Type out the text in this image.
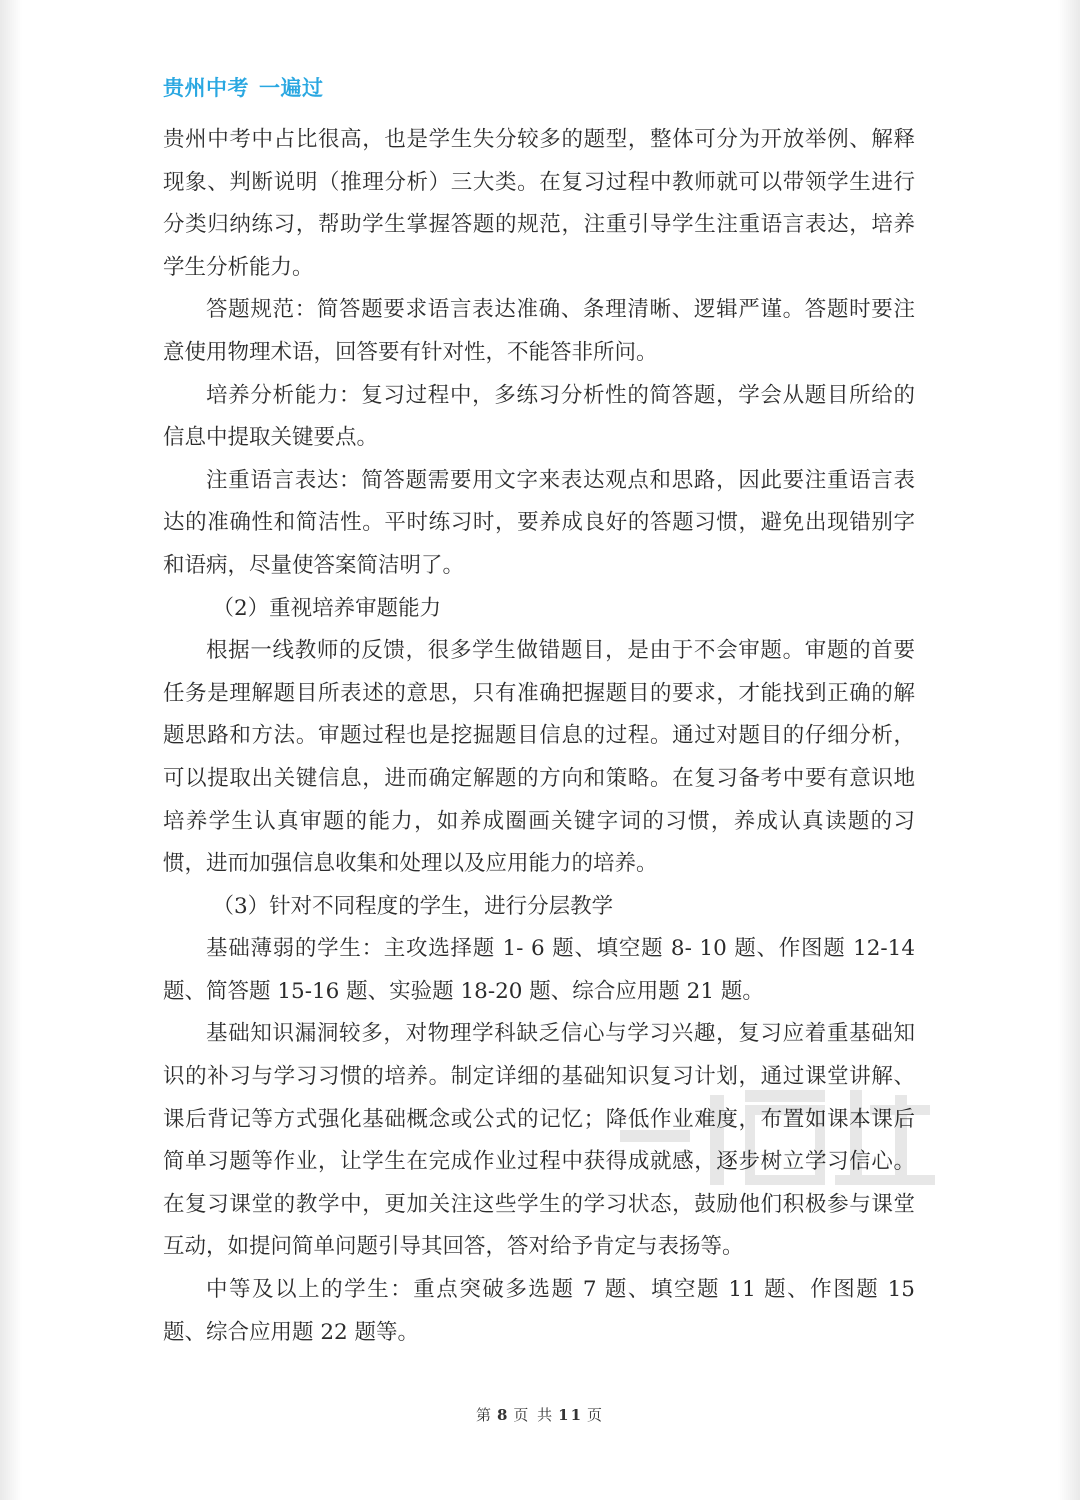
贵州中考 一遍过

贵州中考中占比很高，也是学生失分较多的题型，整体可分为开放举例、解释现象、判断说明（推理分析）三大类。在复习过程中教师就可以带领学生进行分类归纳练习，帮助学生掌握答题的规范，注重引导学生注重语言表达，培养学生分析能力。

答题规范：简答题要求语言表达准确、条理清晰、逻辑严谨。答题时要注意使用物理术语，回答要有针对性，不能答非所问。

培养分析能力：复习过程中，多练习分析性的简答题，学会从题目所给的信息中提取关键要点。

注重语言表达：简答题需要用文字来表达观点和思路，因此要注重语言表达的准确性和简洁性。平时练习时，要养成良好的答题习惯，避免出现错别字和语病，尽量使答案简洁明了。

（2）重视培养审题能力

根据一线教师的反馈，很多学生做错题目，是由于不会审题。审题的首要任务是理解题目所表述的意思，只有准确把握题目的要求，才能找到正确的解题思路和方法。审题过程也是挖掘题目信息的过程。通过对题目的仔细分析，可以提取出关键信息，进而确定解题的方向和策略。在复习备考中要有意识地培养学生认真审题的能力，如养成圈画关键字词的习惯，养成认真读题的习惯，进而加强信息收集和处理以及应用能力的培养。

（3）针对不同程度的学生，进行分层教学

基础薄弱的学生：主攻选择题 1- 6 题、填空题 8- 10 题、作图题 12-14 题、简答题 15-16 题、实验题 18-20 题、综合应用题 21 题。

基础知识漏洞较多，对物理学科缺乏信心与学习兴趣，复习应着重基础知识的补习与学习习惯的培养。制定详细的基础知识复习计划，通过课堂讲解、课后背记等方式强化基础概念或公式的记忆；降低作业难度，布置如课本课后简单习题等作业，让学生在完成作业过程中获得成就感，逐步树立学习信心。在复习课堂的教学中，更加关注这些学生的学习状态，鼓励他们积极参与课堂互动，如提问简单问题引导其回答，答对给予肯定与表扬等。

中等及以上的学生：重点突破多选题 7 题、填空题 11 题、作图题 15 题、综合应用题 22 题等。

第 8 页 共 11 页
